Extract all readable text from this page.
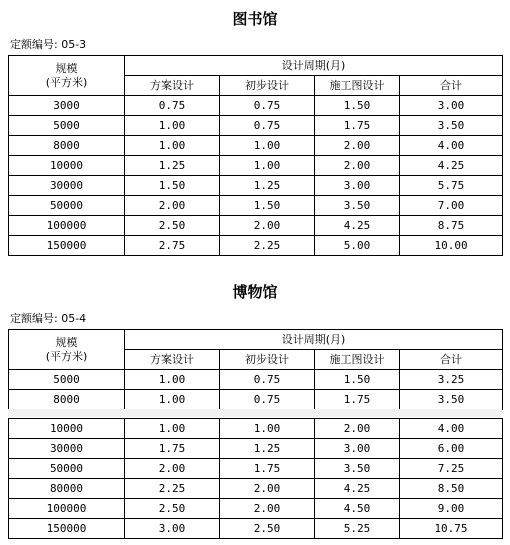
图书馆
定额编号: 05-3
规模
(平方米)	设计周期(月)			
	方案设计	初步设计	施工图设计	合计
3000	0.75	0.75	1.50	3.00
5000	1.00	0.75	1.75	3.50
8000	1.00	1.00	2.00	4.00
10000	1.25	1.00	2.00	4.25
30000	1.50	1.25	3.00	5.75
50000	2.00	1.50	3.50	7.00
100000	2.50	2.00	4.25	8.75
150000	2.75	2.25	5.00	10.00
博物馆
定额编号: 05-4
规模
(平方米)	设计周期(月)			
	方案设计	初步设计	施工图设计	合计
5000	1.00	0.75	1.50	3.25
8000	1.00	0.75	1.75	3.50
10000	1.00	1.00	2.00	4.00
30000	1.75	1.25	3.00	6.00
50000	2.00	1.75	3.50	7.25
80000	2.25	2.00	4.25	8.50
100000	2.50	2.00	4.50	9.00
150000	3.00	2.50	5.25	10.75
